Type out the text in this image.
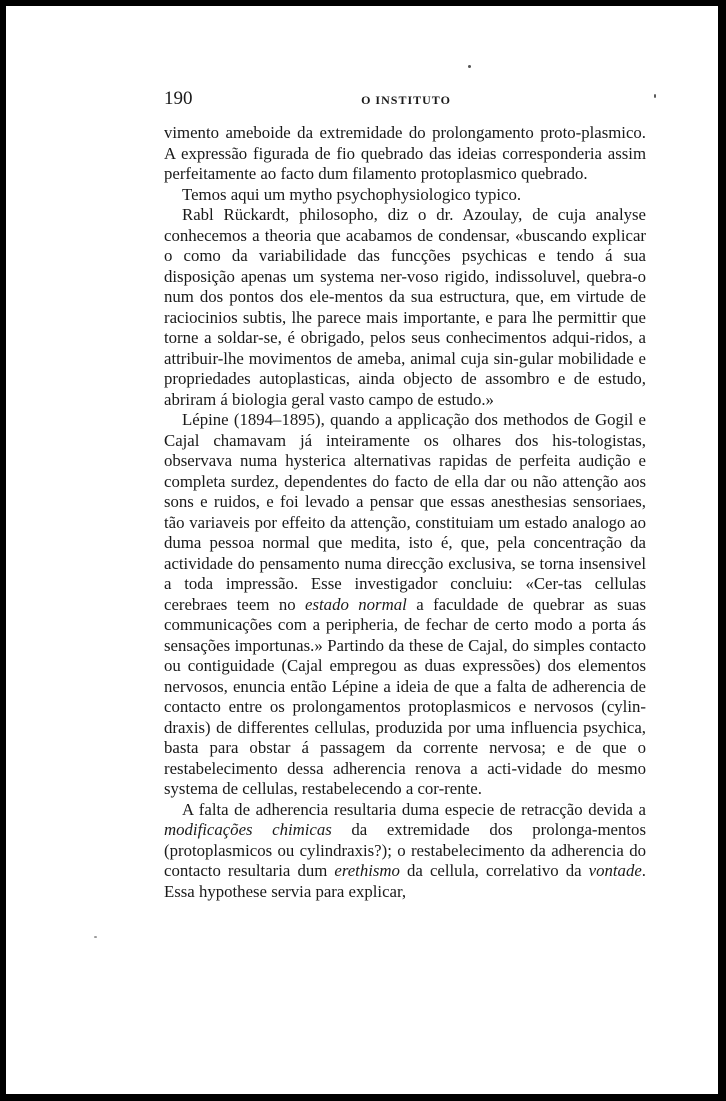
190	O INSTITUTO

vimento ameboide da extremidade do prolongamento proto-plasmico. A expressão figurada de fio quebrado das ideias corresponderia assim perfeitamente ao facto dum filamento protoplasmico quebrado.

Temos aqui um mytho psychophysiologico typico.

Rabl Rückardt, philosopho, diz o dr. Azoulay, de cuja analyse conhecemos a theoria que acabamos de condensar, «buscando explicar o como da variabilidade das funcções psychicas e tendo á sua disposição apenas um systema ner-voso rigido, indissoluvel, quebra-o num dos pontos dos ele-mentos da sua estructura, que, em virtude de raciocinios subtis, lhe parece mais importante, e para lhe permittir que torne a soldar-se, é obrigado, pelos seus conhecimentos adqui-ridos, a attribuir-lhe movimentos de ameba, animal cuja sin-gular mobilidade e propriedades autoplasticas, ainda objecto de assombro e de estudo, abriram á biologia geral vasto campo de estudo.»

Lépine (1894–1895), quando a applicação dos methodos de Gogil e Cajal chamavam já inteiramente os olhares dos his-tologistas, observava numa hysterica alternativas rapidas de perfeita audição e completa surdez, dependentes do facto de ella dar ou não attenção aos sons e ruidos, e foi levado a pensar que essas anesthesias sensoriaes, tão variaveis por effeito da attenção, constituiam um estado analogo ao duma pessoa normal que medita, isto é, que, pela concentração da actividade do pensamento numa direcção exclusiva, se torna insensivel a toda impressão. Esse investigador concluiu: «Cer-tas cellulas cerebraes teem no estado normal a faculdade de quebrar as suas communicações com a peripheria, de fechar de certo modo a porta ás sensações importunas.» Partindo da these de Cajal, do simples contacto ou contiguidade (Cajal empregou as duas expressões) dos elementos nervosos, enuncia então Lépine a ideia de que a falta de adherencia de contacto entre os prolongamentos protoplasmicos e nervosos (cylin-draxis) de differentes cellulas, produzida por uma influencia psychica, basta para obstar á passagem da corrente nervosa; e de que o restabelecimento dessa adherencia renova a acti-vidade do mesmo systema de cellulas, restabelecendo a cor-rente.

A falta de adherencia resultaria duma especie de retracção devida a modificações chimicas da extremidade dos prolonga-mentos (protoplasmicos ou cylindraxis?); o restabelecimento da adherencia do contacto resultaria dum erethismo da cellula, correlativo da vontade. Essa hypothese servia para explicar,
